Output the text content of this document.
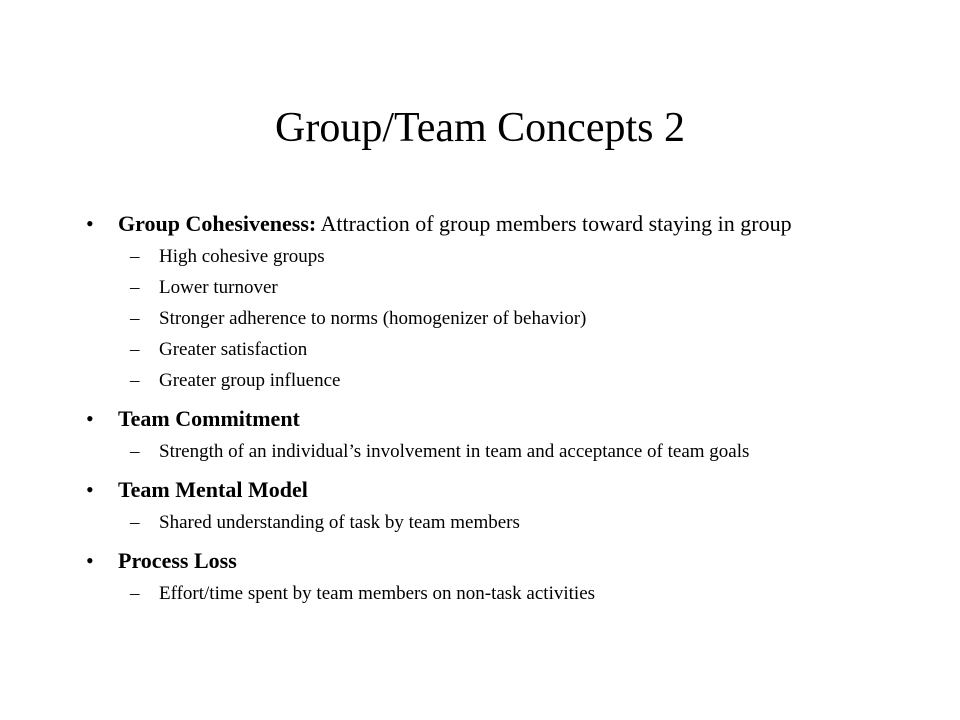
Group/Team Concepts 2
• Group Cohesiveness: Attraction of group members toward staying in group
– High cohesive groups
– Lower turnover
– Stronger adherence to norms (homogenizer of behavior)
– Greater satisfaction
– Greater group influence
• Team Commitment
– Strength of an individual’s involvement in team and acceptance of team goals
• Team Mental Model
– Shared understanding of task by team members
• Process Loss
– Effort/time spent by team members on non-task activities
